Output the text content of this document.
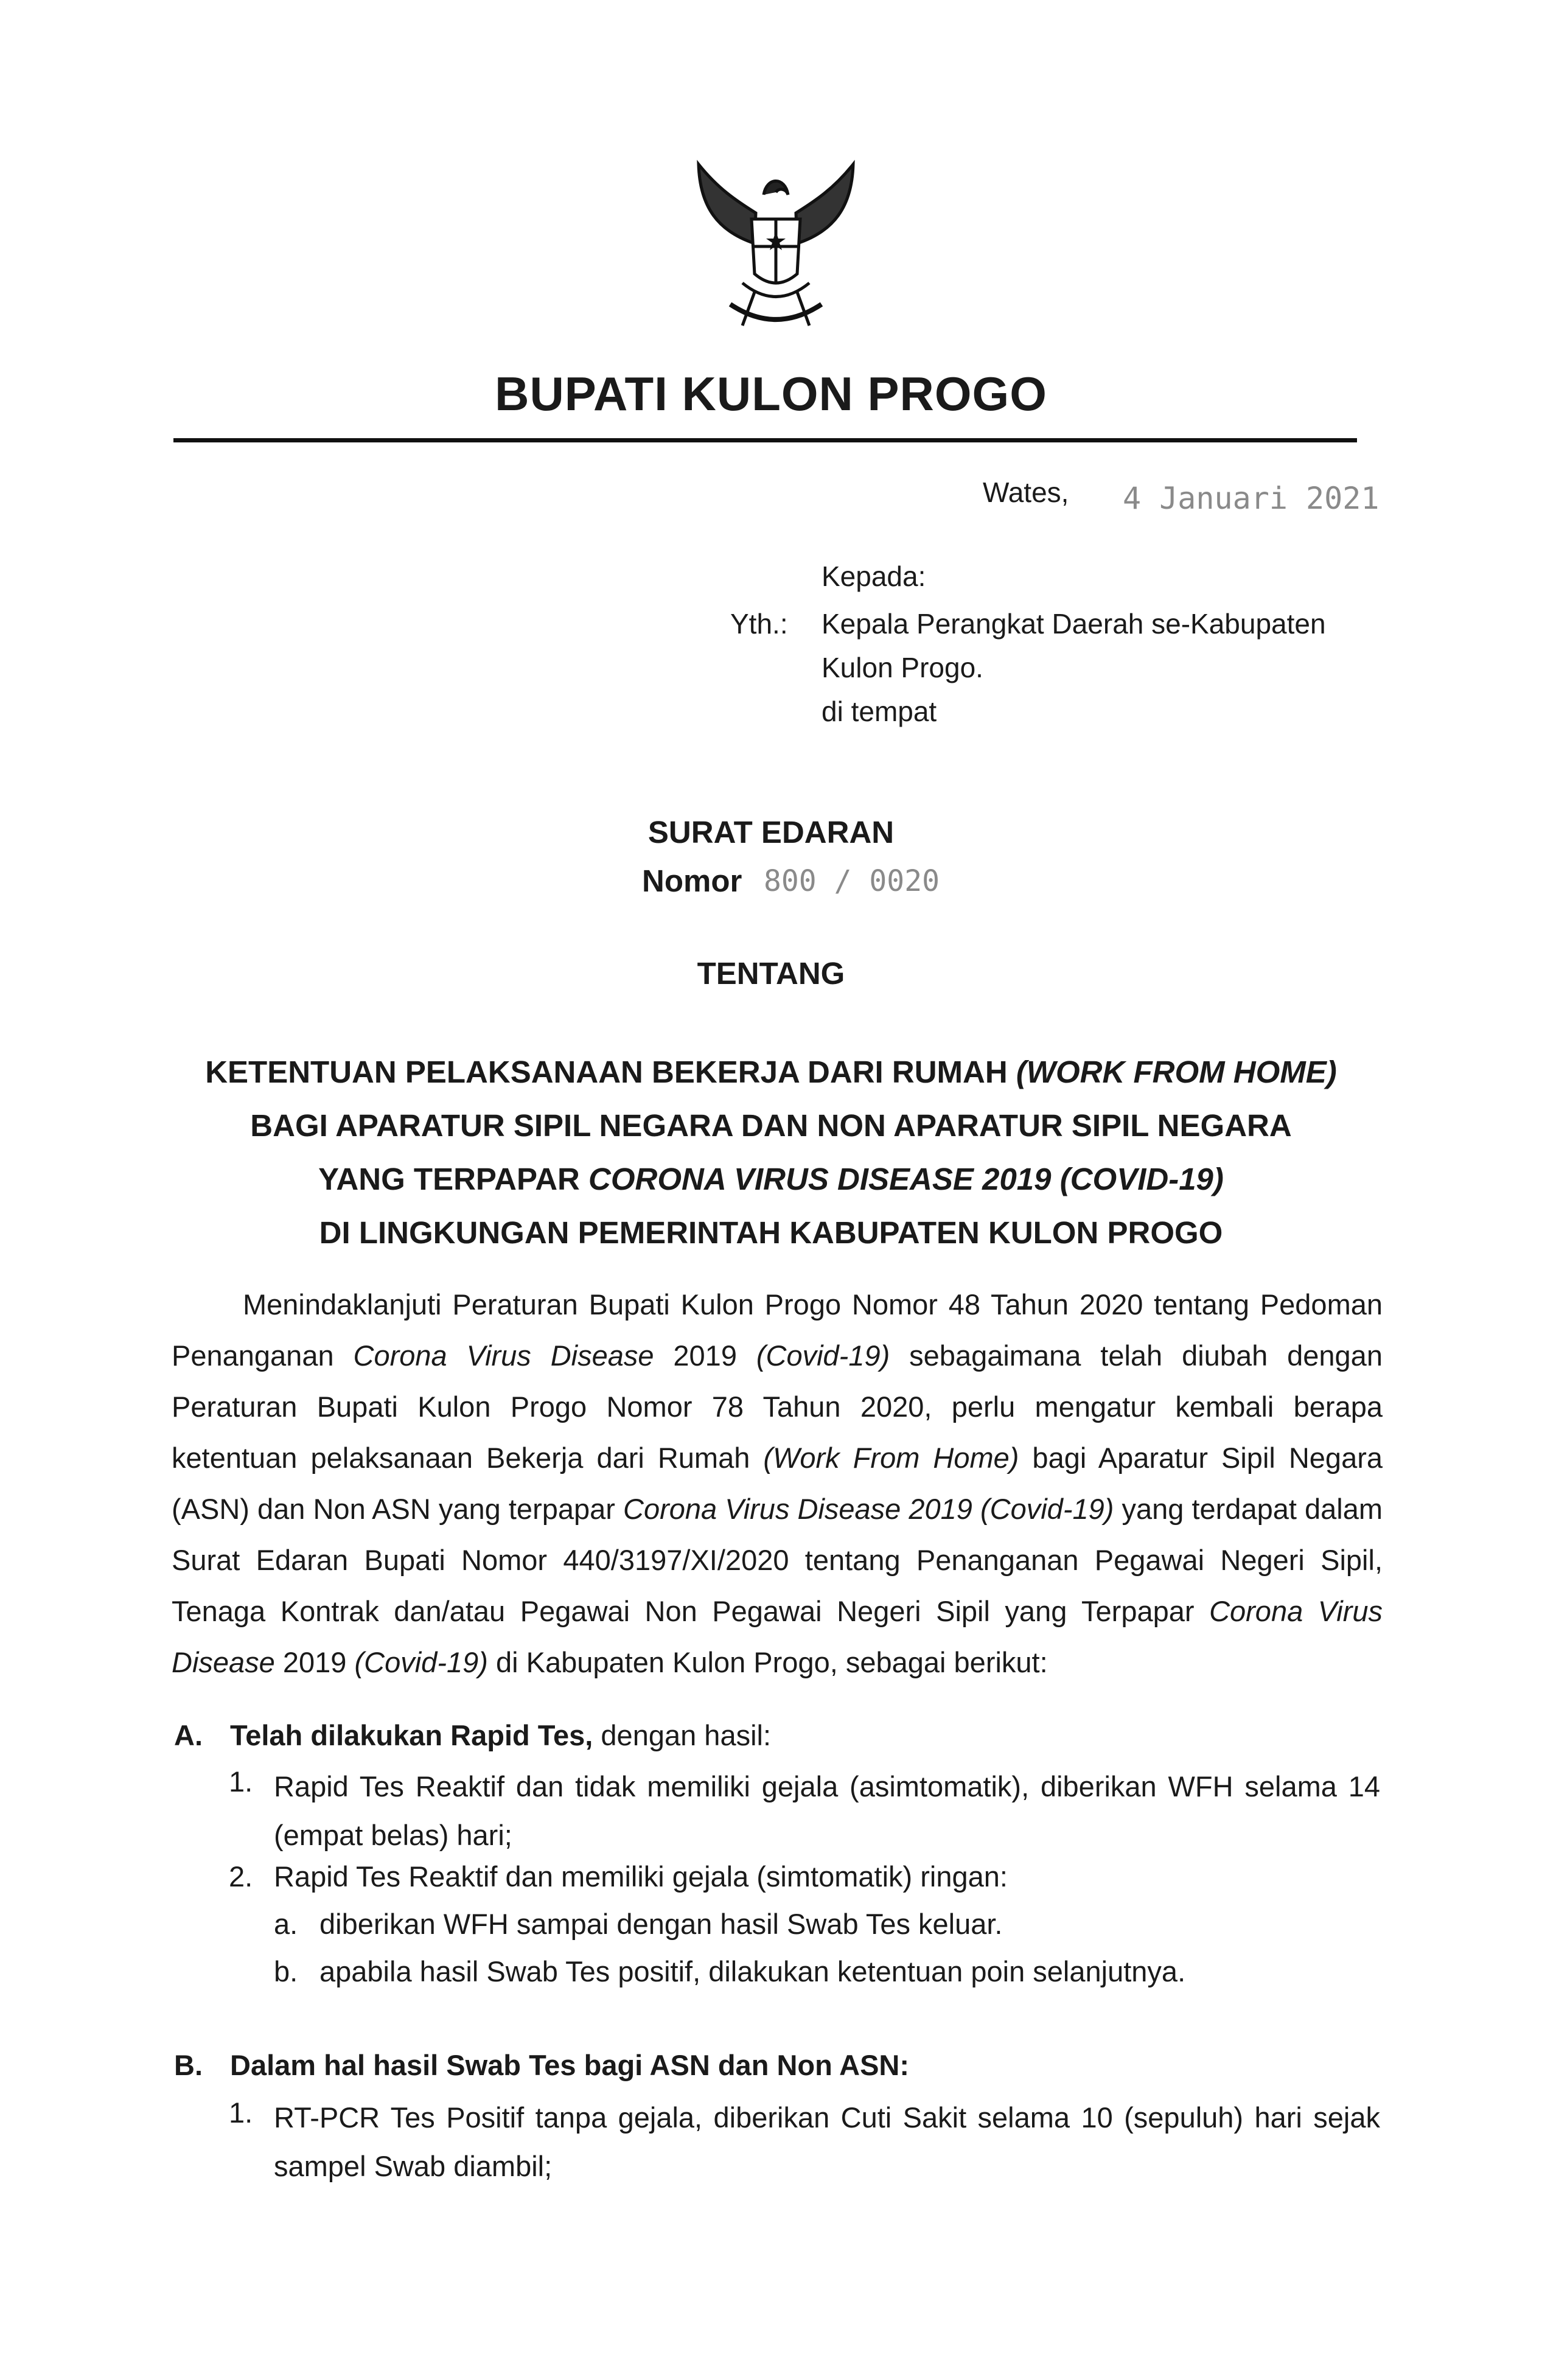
BUPATI KULON PROGO
Wates, 4 Januari 2021
Kepada:
Yth.: Kepala Perangkat Daerah se-Kabupaten
Kulon Progo.
di tempat
SURAT EDARAN
Nomor 800 / 0020
TENTANG
KETENTUAN PELAKSANAAN BEKERJA DARI RUMAH (WORK FROM HOME)
BAGI APARATUR SIPIL NEGARA DAN NON APARATUR SIPIL NEGARA
YANG TERPAPAR CORONA VIRUS DISEASE 2019 (COVID-19)
DI LINGKUNGAN PEMERINTAH KABUPATEN KULON PROGO
Menindaklanjuti Peraturan Bupati Kulon Progo Nomor 48 Tahun 2020 tentang Pedoman Penanganan Corona Virus Disease 2019 (Covid-19) sebagaimana telah diubah dengan Peraturan Bupati Kulon Progo Nomor 78 Tahun 2020, perlu mengatur kembali berapa ketentuan pelaksanaan Bekerja dari Rumah (Work From Home) bagi Aparatur Sipil Negara (ASN) dan Non ASN yang terpapar Corona Virus Disease 2019 (Covid-19) yang terdapat dalam Surat Edaran Bupati Nomor 440/3197/XI/2020 tentang Penanganan Pegawai Negeri Sipil, Tenaga Kontrak dan/atau Pegawai Non Pegawai Negeri Sipil yang Terpapar Corona Virus Disease 2019 (Covid-19) di Kabupaten Kulon Progo, sebagai berikut:
A. Telah dilakukan Rapid Tes, dengan hasil:
1. Rapid Tes Reaktif dan tidak memiliki gejala (asimtomatik), diberikan WFH selama 14 (empat belas) hari;
2. Rapid Tes Reaktif dan memiliki gejala (simtomatik) ringan:
a. diberikan WFH sampai dengan hasil Swab Tes keluar.
b. apabila hasil Swab Tes positif, dilakukan ketentuan poin selanjutnya.
B. Dalam hal hasil Swab Tes bagi ASN dan Non ASN:
1. RT-PCR Tes Positif tanpa gejala, diberikan Cuti Sakit selama 10 (sepuluh) hari sejak sampel Swab diambil;
